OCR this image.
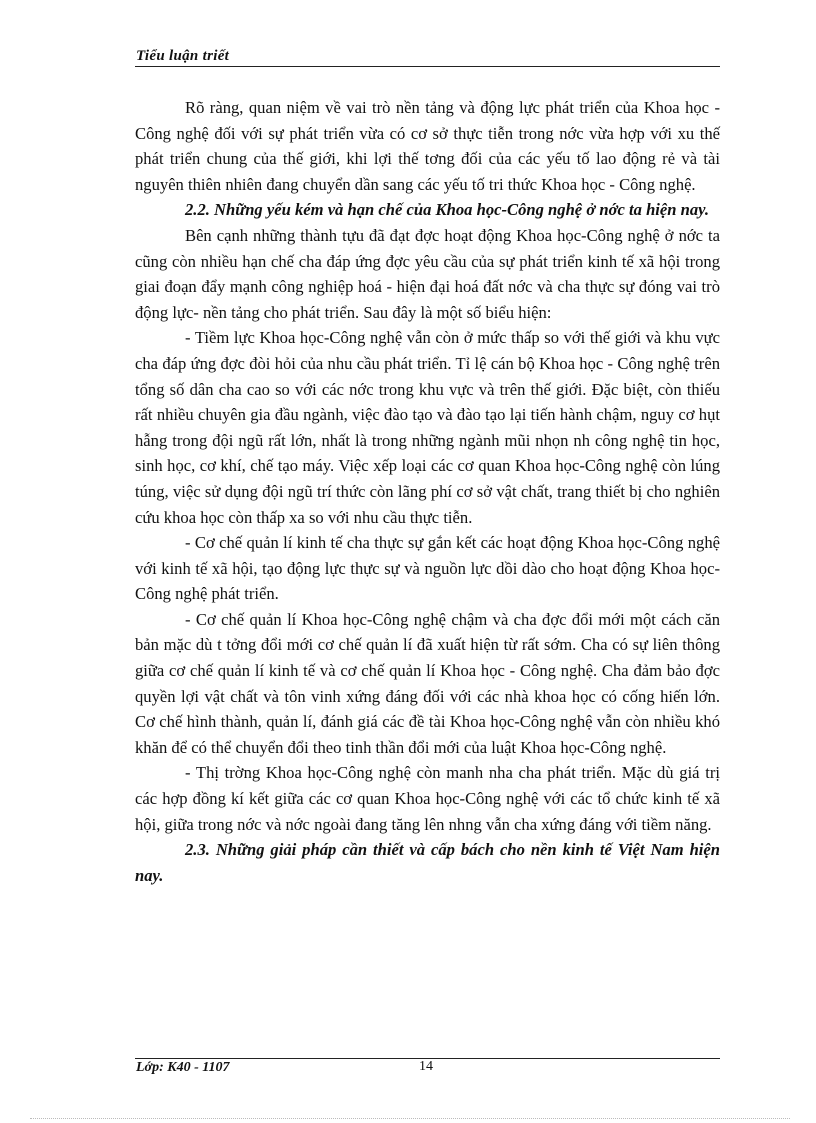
Tiểu luận triết

Rõ ràng, quan niệm về vai trò nền tảng và động lực phát triển của Khoa học - Công nghệ đối với sự phát triển vừa có cơ sở thực tiễn trong nớc vừa hợp với xu thế phát triển chung của thế giới, khi lợi thế tơng đối của các yếu tố lao động rẻ và tài nguyên thiên nhiên đang chuyển dần sang các yếu tố tri thức Khoa học - Công nghệ.

2.2. Những yếu kém và hạn chế của Khoa học-Công nghệ ở nớc ta hiện nay.

Bên cạnh những thành tựu đã đạt đợc hoạt động Khoa học-Công nghệ ở nớc ta cũng còn nhiều hạn chế cha đáp ứng đợc yêu cầu của sự phát triển kinh tế xã hội trong giai đoạn đẩy mạnh công nghiệp hoá - hiện đại hoá đất nớc và cha thực sự đóng vai trò động lực- nền tảng cho phát triển. Sau đây là một số biểu hiện:

- Tiềm lực Khoa học-Công nghệ vẫn còn ở mức thấp so với thế giới và khu vực cha đáp ứng đợc đòi hỏi của nhu cầu phát triển. Tỉ lệ cán bộ Khoa học - Công nghệ trên tổng số dân cha cao so với các nớc trong khu vực và trên thế giới. Đặc biệt, còn thiếu rất nhiều chuyên gia đầu ngành, việc đào tạo và đào tạo lại tiến hành chậm, nguy cơ hụt hẫng trong đội ngũ rất lớn, nhất là trong những ngành mũi nhọn nh công nghệ tin học, sinh học, cơ khí, chế tạo máy. Việc xếp loại các cơ quan Khoa học-Công nghệ còn lúng túng, việc sử dụng đội ngũ trí thức còn lãng phí cơ sở vật chất, trang thiết bị cho nghiên cứu khoa học còn thấp xa so với nhu cầu thực tiễn.

- Cơ chế quản lí kinh tế cha thực sự gắn kết các hoạt động Khoa học-Công nghệ với kinh tế xã hội, tạo động lực thực sự và nguồn lực dồi dào cho hoạt động Khoa học-Công nghệ phát triển.

- Cơ chế quản lí Khoa học-Công nghệ chậm và cha đợc đổi mới một cách căn bản mặc dù t tởng đổi mới cơ chế quản lí đã xuất hiện từ rất sớm. Cha có sự liên thông giữa cơ chế quản lí kinh tế và cơ chế quản lí Khoa học - Công nghệ. Cha đảm bảo đợc quyền lợi vật chất và tôn vinh xứng đáng đối với các nhà khoa học có cống hiến lớn. Cơ chế hình thành, quản lí, đánh giá các đề tài Khoa học-Công nghệ vẫn còn nhiều khó khăn để có thể chuyển đổi theo tinh thần đổi mới của luật Khoa học-Công nghệ.

- Thị trờng Khoa học-Công nghệ còn manh nha cha phát triển. Mặc dù giá trị các hợp đồng kí kết giữa các cơ quan Khoa học-Công nghệ với các tổ chức kinh tế xã hội, giữa trong nớc và nớc ngoài đang tăng lên nhng vẫn cha xứng đáng với tiềm năng.

2.3. Những giải pháp cần thiết và cấp bách cho nền kinh tế Việt Nam hiện nay.

Lớp: K40 - 1107	14
